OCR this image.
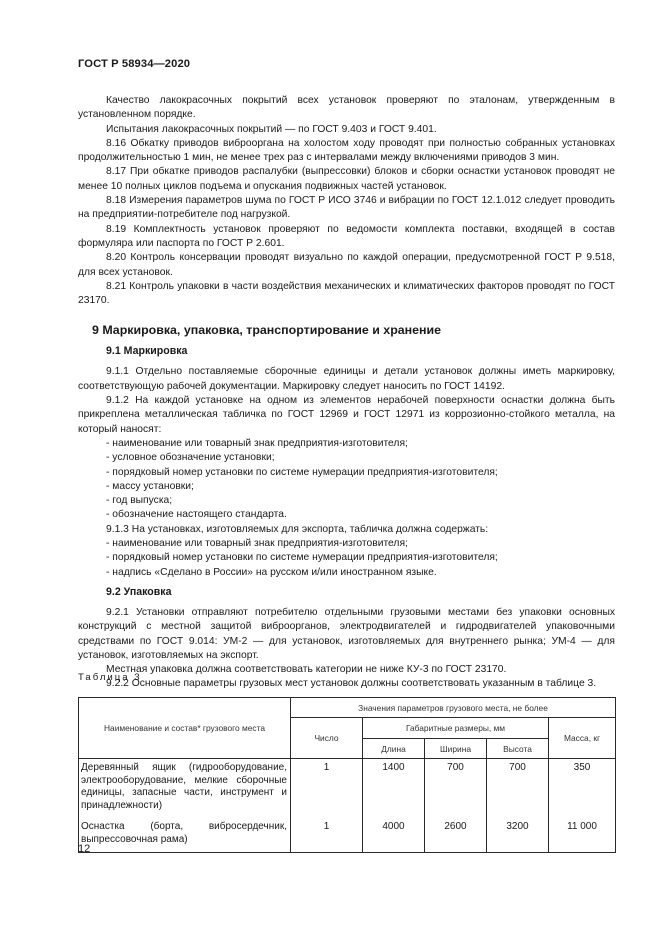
ГОСТ Р 58934—2020

Качество лакокрасочных покрытий всех установок проверяют по эталонам, утвержденным в установленном порядке.

Испытания лакокрасочных покрытий — по ГОСТ 9.403 и ГОСТ 9.401.

8.16 Обкатку приводов виброоргана на холостом ходу проводят при полностью собранных установках продолжительностью 1 мин, не менее трех раз с интервалами между включениями приводов 3 мин.

8.17 При обкатке приводов распалубки (выпрессовки) блоков и сборки оснастки установок проводят не менее 10 полных циклов подъема и опускания подвижных частей установок.

8.18 Измерения параметров шума по ГОСТ Р ИСО 3746 и вибрации по ГОСТ 12.1.012 следует проводить на предприятии-потребителе под нагрузкой.

8.19 Комплектность установок проверяют по ведомости комплекта поставки, входящей в состав формуляра или паспорта по ГОСТ Р 2.601.

8.20 Контроль консервации проводят визуально по каждой операции, предусмотренной ГОСТ Р 9.518, для всех установок.

8.21 Контроль упаковки в части воздействия механических и климатических факторов проводят по ГОСТ 23170.

9 Маркировка, упаковка, транспортирование и хранение
9.1 Маркировка

9.1.1 Отдельно поставляемые сборочные единицы и детали установок должны иметь маркировку, соответствующую рабочей документации. Маркировку следует наносить по ГОСТ 14192.

9.1.2 На каждой установке на одном из элементов нерабочей поверхности оснастки должна быть прикреплена металлическая табличка по ГОСТ 12969 и ГОСТ 12971 из коррозионно-стойкого металла, на который наносят:

- наименование или товарный знак предприятия-изготовителя;

- условное обозначение установки;

- порядковый номер установки по системе нумерации предприятия-изготовителя;

- массу установки;

- год выпуска;

- обозначение настоящего стандарта.

9.1.3 На установках, изготовляемых для экспорта, табличка должна содержать:

- наименование или товарный знак предприятия-изготовителя;

- порядковый номер установки по системе нумерации предприятия-изготовителя;

- надпись «Сделано в России» на русском и/или иностранном языке.

9.2 Упаковка

9.2.1 Установки отправляют потребителю отдельными грузовыми местами без упаковки основных конструкций с местной защитой виброорганов, электродвигателей и гидродвигателей упаковочными средствами по ГОСТ 9.014: УМ-2 — для установок, изготовляемых для внутреннего рынка; УМ-4 — для установок, изготовляемых на экспорт.

Местная упаковка должна соответствовать категории не ниже КУ-3 по ГОСТ 23170.

9.2.2 Основные параметры грузовых мест установок должны соответствовать указанным в таблице 3.

Таблица 3
Наименование и состав* грузового места	Значения параметров грузового места, не более				
	Число	Габаритные размеры, мм			Масса, кг
		Длина	Ширина	Высота	
Деревянный ящик (гидрооборудование, электрооборудование, мелкие сборочные единицы, запасные части, инструмент и принадлежности)	1	1400	700	700	350
Оснастка (борта, вибросердечник, выпрессовочная рама)	1	4000	2600	3200	11 000
12
